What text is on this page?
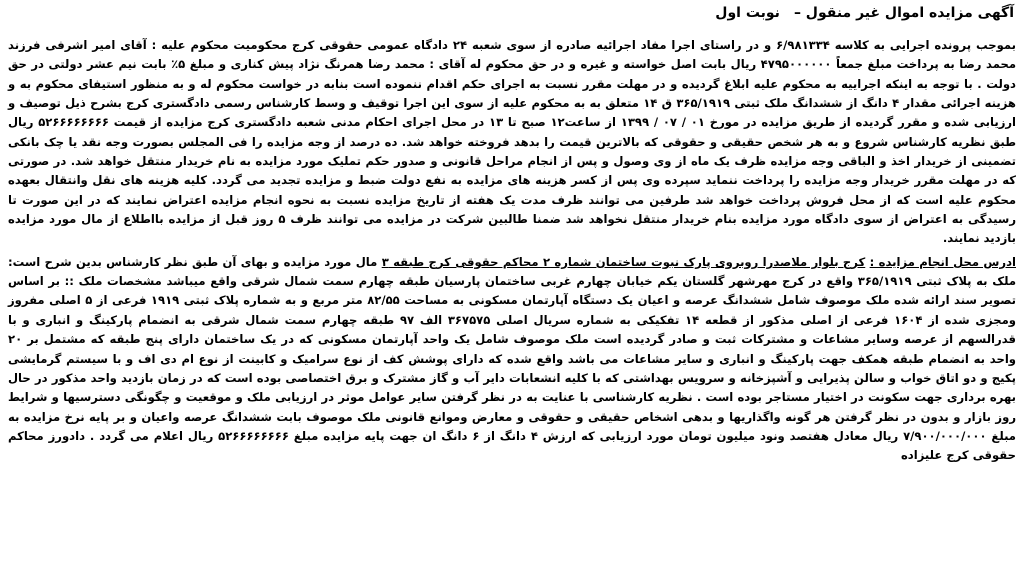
آگهی مزایده اموال غیر منقول –نوبت اول

بموجب پرونده اجرایی به کلاسه ۶/۹۸۱۳۳۴ و در راستای اجرا مفاد اجرائیه صادره از سوی شعبه ۲۴ دادگاه عمومی حقوقی کرج محکومیت محکوم علیه : آقای امیر اشرفی فرزند محمد رضا به پرداخت مبلغ جمعاً ۴۷۹۵۰۰۰۰۰۰ ریال بابت اصل خواسته و غیره و در حق محکوم له آقای : محمد رضا همرنگ نژاد پیش کناری و مبلغ ۵٪ بابت نیم عشر دولتی در حق دولت . با توجه به اینکه اجراییه به محکوم علیه ابلاغ گردیده و در مهلت مقرر نسبت به اجرای حکم اقدام ننموده است بنابه در خواست محکوم له و به منظور استیفای محکوم به و هزینه اجرائی مقدار ۴ دانگ از ششدانگ ملک ثبتی ۳۶۵/۱۹۱۹ ق ۱۴ متعلق به به محکوم علیه از سوی این اجرا توقیف و وسط کارشناس رسمی دادگستری کرج بشرح ذیل توصیف و ارزیابی شده و مقرر گردیده از طریق مزایده در مورخ ۰۱ / ۰۷ / ۱۳۹۹ از ساعت۱۲ صبح تا ۱۳ در محل اجرای احکام مدنی شعبه دادگستری کرج مزایده از قیمت ۵۲۶۶۶۶۶۶۶۶ ریال طبق نظریه کارشناس شروع و به هر شخص حقیقی و حقوقی که بالاترین قیمت را بدهد فروخته خواهد شد. ده درصد از وجه مزایده را فی المجلس بصورت وجه نقد یا چک بانکی تضمینی از خریدار اخذ و الباقی وجه مزایده ظرف یک ماه از وی وصول و پس از انجام مراحل قانونی و صدور حکم تملیک مورد مزایده به نام خریدار منتقل خواهد شد. در صورتی که در مهلت مقرر خریدار وجه مزایده را پرداخت ننماید سپرده وی پس از کسر هزینه های مزایده به نفع دولت ضبط و مزایده تجدید می گردد. کلیه هزینه های نقل وانتقال بعهده محکوم علیه است که از محل فروش پرداخت خواهد شد طرفین می توانند ظرف مدت یک هفته از تاریخ مزایده نسبت به نحوه انجام مزایده اعتراض نمایند که در این صورت تا رسیدگی به اعتراض از سوی دادگاه مورد مزایده بنام خریدار منتقل نخواهد شد ضمنا طالبین شرکت در مزایده می توانند ظرف ۵ روز قبل از مزایده بااطلاع از مال مورد مزایده بازدید نمایند.

ادرس محل انجام مزایده : کرج بلوار ملاصدرا روبروی پارک نبوت ساختمان شماره ۲ محاکم حقوقی کرج طبقه ۳ مال مورد مزایده و بهای آن طبق نظر کارشناس بدین شرح است: ملک به پلاک ثبتی ۳۶۵/۱۹۱۹ واقع در کرج مهرشهر گلستان یکم خیابان چهارم غربی ساختمان پارسیان طبقه چهارم سمت شمال شرقی واقع میباشد مشخصات ملک :: بر اساس تصویر سند ارائه شده ملک موصوف شامل ششدانگ عرصه و اعیان یک دستگاه آپارتمان مسکونی به مساحت ۸۲/۵۵ متر مربع و به شماره پلاک ثبتی ۱۹۱۹ فرعی از ۵ اصلی مفروز ومجزی شده از ۱۶۰۴ فرعی از اصلی مذکور از قطعه ۱۴ تفکیکی به شماره سریال اصلی ۳۶۷۵۷۵ الف ۹۷ طبقه چهارم سمت شمال شرقی به انضمام پارکینگ و انباری و با قدرالسهم از عرصه وسایر مشاعات و مشترکات ثبت و صادر گردیده است ملک موصوف شامل یک واحد آپارتمان مسکونی که در یک ساختمان دارای پنج طبقه که مشتمل بر ۲۰ واحد به انضمام طبقه همکف جهت پارکینگ و انباری و سایر مشاعات می باشد واقع شده که دارای پوشش کف از نوع سرامیک و کابینت از نوع ام دی اف و با سیستم گرمایشی پکیج و دو اتاق خواب و سالن پذیرایی و آشپزخانه و سرویس بهداشتی که با کلیه انشعابات دایر آب و گاز مشترک و برق اختصاصی بوده است که در زمان بازدید واحد مذکور در حال بهره برداری جهت سکونت در اختیار مستاجر بوده است . نظریه کارشناسی با عنایت به در نظر گرفتن سایر عوامل موثر در ارزیابی ملک و موقعیت و چگونگی دسترسیها و شرایط روز بازار و بدون در نظر گرفتن هر گونه واگذاریها و بدهی اشخاص حقیقی و حقوقی و معارض وموانع قانونی ملک موصوف بابت ششدانگ عرصه واعیان و بر پایه نرخ مزایده به مبلغ ۷/۹۰۰/۰۰۰/۰۰۰ ریال معادل هفتصد ونود میلیون تومان مورد ارزیابی که ارزش ۴ دانگ از ۶ دانگ ان جهت پایه مزایده مبلغ ۵۲۶۶۶۶۶۶۶۶ ریال اعلام می گردد . دادورز محاکم حقوقی کرج علیزاده
